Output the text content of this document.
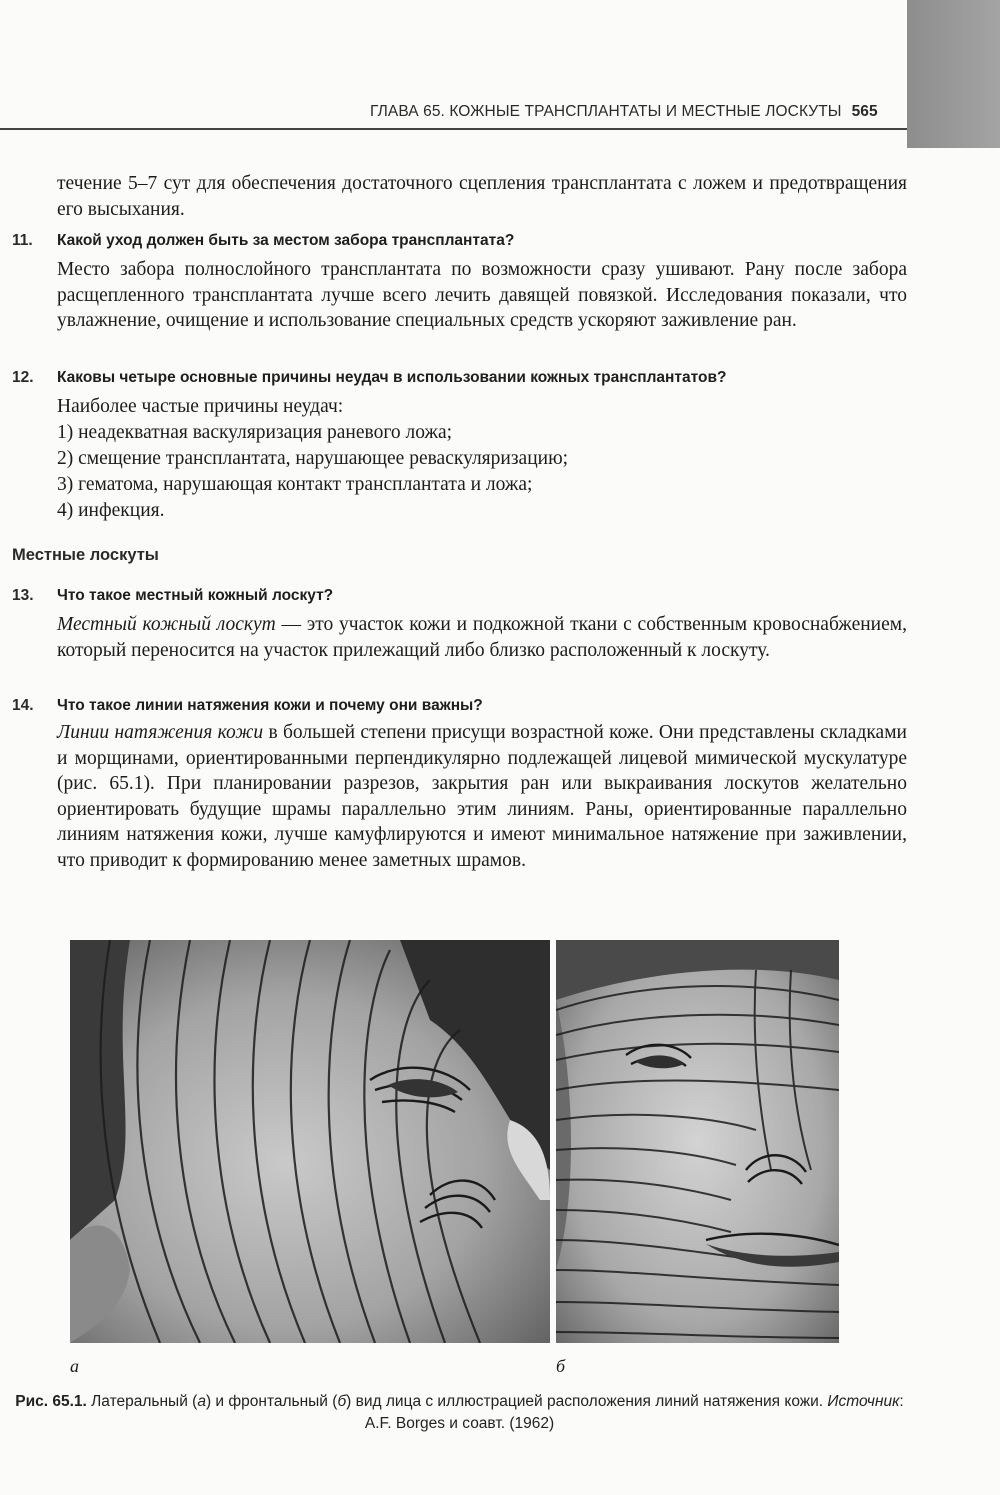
ГЛАВА 65. КОЖНЫЕ ТРАНСПЛАНТАТЫ И МЕСТНЫЕ ЛОСКУТЫ 565

течение 5–7 сут для обеспечения достаточного сцепления трансплантата с ложем и предотвращения его высыхания.

11. Какой уход должен быть за местом забора трансплантата?

Место забора полнослойного трансплантата по возможности сразу ушивают. Рану после забора расщепленного трансплантата лучше всего лечить давящей повязкой. Исследования показали, что увлажнение, очищение и использование специальных средств ускоряют заживление ран.

12. Каковы четыре основные причины неудач в использовании кожных трансплантатов?
Наиболее частые причины неудач:
1) неадекватная васкуляризация раневого ложа;
2) смещение трансплантата, нарушающее реваскуляризацию;
3) гематома, нарушающая контакт трансплантата и ложа;
4) инфекция.
Местные лоскуты
13. Что такое местный кожный лоскут?

Местный кожный лоскут — это участок кожи и подкожной ткани с собственным кровоснабжением, который переносится на участок прилежащий либо близко расположенный к лоскуту.

14. Что такое линии натяжения кожи и почему они важны?

Линии натяжения кожи в большей степени присущи возрастной коже. Они представлены складками и морщинами, ориентированными перпендикулярно подлежащей лицевой мимической мускулатуре (рис. 65.1). При планировании разрезов, закрытия ран или выкраивания лоскутов желательно ориентировать будущие шрамы параллельно этим линиям. Раны, ориентированные параллельно линиям натяжения кожи, лучше камуфлируются и имеют минимальное натяжение при заживлении, что приводит к формированию менее заметных шрамов.

а	б
Рис. 65.1. Латеральный (а) и фронтальный (б) вид лица с иллюстрацией расположения линий натяжения кожи. Источник: A.F. Borges и соавт. (1962)
